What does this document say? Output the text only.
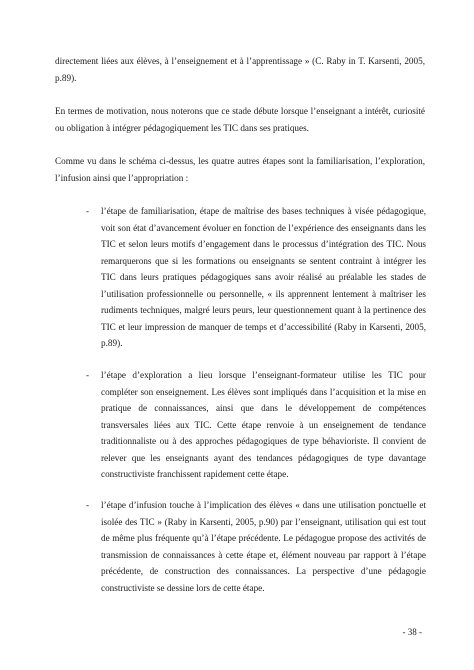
directement liées aux élèves, à l’enseignement et à l’apprentissage » (C. Raby in T. Karsenti, 2005, p.89).

En termes de motivation, nous noterons que ce stade débute lorsque l’enseignant a intérêt, curiosité ou obligation à intégrer pédagogiquement les TIC dans ses pratiques.

Comme vu dans le schéma ci-dessus, les quatre autres étapes sont la familiarisation, l’exploration, l’infusion ainsi que l’appropriation :

- l’étape de familiarisation, étape de maîtrise des bases techniques à visée pédagogique, voit son état d’avancement évoluer en fonction de l’expérience des enseignants dans les TIC et selon leurs motifs d’engagement dans le processus d’intégration des TIC. Nous remarquerons que si les formations ou enseignants se sentent contraint à intégrer les TIC dans leurs pratiques pédagogiques sans avoir réalisé au préalable les stades de l’utilisation professionnelle ou personnelle, « ils apprennent lentement à maîtriser les rudiments techniques, malgré leurs peurs, leur questionnement quant à la pertinence des TIC et leur impression de manquer de temps et d’accessibilité (Raby in Karsenti, 2005, p.89).

- l’étape d’exploration a lieu lorsque l’enseignant-formateur utilise les TIC pour compléter son enseignement. Les élèves sont impliqués dans l’acquisition et la mise en pratique de connaissances, ainsi que dans le développement de compétences transversales liées aux TIC. Cette étape renvoie à un enseignement de tendance traditionnaliste ou à des approches pédagogiques de type béhavioriste. Il convient de relever que les enseignants ayant des tendances pédagogiques de type davantage constructiviste franchissent rapidement cette étape.

- l’étape d’infusion touche à l’implication des élèves « dans une utilisation ponctuelle et isolée des TIC » (Raby in Karsenti, 2005, p.90) par l’enseignant, utilisation qui est tout de même plus fréquente qu’à l’étape précédente. Le pédagogue propose des activités de transmission de connaissances à cette étape et, élément nouveau par rapport à l’étape précédente, de construction des connaissances. La perspective d’une pédagogie constructiviste se dessine lors de cette étape.

- 38 -
